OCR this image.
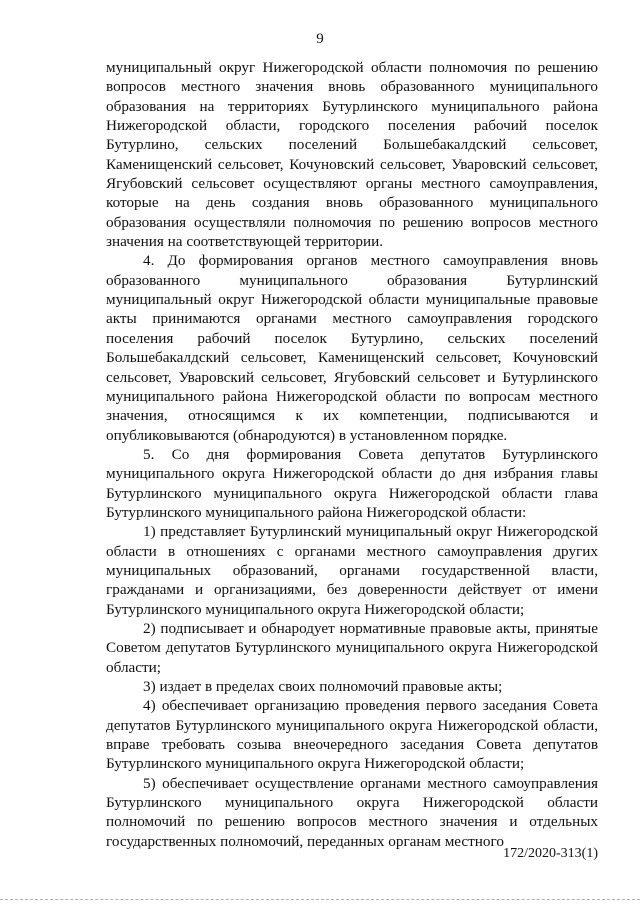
9

муниципальный округ Нижегородской области полномочия по решению вопросов местного значения вновь образованного муниципального образования на территориях Бутурлинского муниципального района Нижегородской области, городского поселения рабочий поселок Бутурлино, сельских поселений Большебакалдский сельсовет, Каменищенский сельсовет, Кочуновский сельсовет, Уваровский сельсовет, Ягубовский сельсовет осуществляют органы местного самоуправления, которые на день создания вновь образованного муниципального образования осуществляли полномочия по решению вопросов местного значения на соответствующей территории.

4. До формирования органов местного самоуправления вновь образованного муниципального образования Бутурлинский муниципальный округ Нижегородской области муниципальные правовые акты принимаются органами местного самоуправления городского поселения рабочий поселок Бутурлино, сельских поселений Большебакалдский сельсовет, Каменищенский сельсовет, Кочуновский сельсовет, Уваровский сельсовет, Ягубовский сельсовет и Бутурлинского муниципального района Нижегородской области по вопросам местного значения, относящимся к их компетенции, подписываются и опубликовываются (обнародуются) в установленном порядке.

5. Со дня формирования Совета депутатов Бутурлинского муниципального округа Нижегородской области до дня избрания главы Бутурлинского муниципального округа Нижегородской области глава Бутурлинского муниципального района Нижегородской области:

1) представляет Бутурлинский муниципальный округ Нижегородской области в отношениях с органами местного самоуправления других муниципальных образований, органами государственной власти, гражданами и организациями, без доверенности действует от имени Бутурлинского муниципального округа Нижегородской области;

2) подписывает и обнародует нормативные правовые акты, принятые Советом депутатов Бутурлинского муниципального округа Нижегородской области;

3) издает в пределах своих полномочий правовые акты;

4) обеспечивает организацию проведения первого заседания Совета депутатов Бутурлинского муниципального округа Нижегородской области, вправе требовать созыва внеочередного заседания Совета депутатов Бутурлинского муниципального округа Нижегородской области;

5) обеспечивает осуществление органами местного самоуправления Бутурлинского муниципального округа Нижегородской области полномочий по решению вопросов местного значения и отдельных государственных полномочий, переданных органам местного

172/2020-313(1)
